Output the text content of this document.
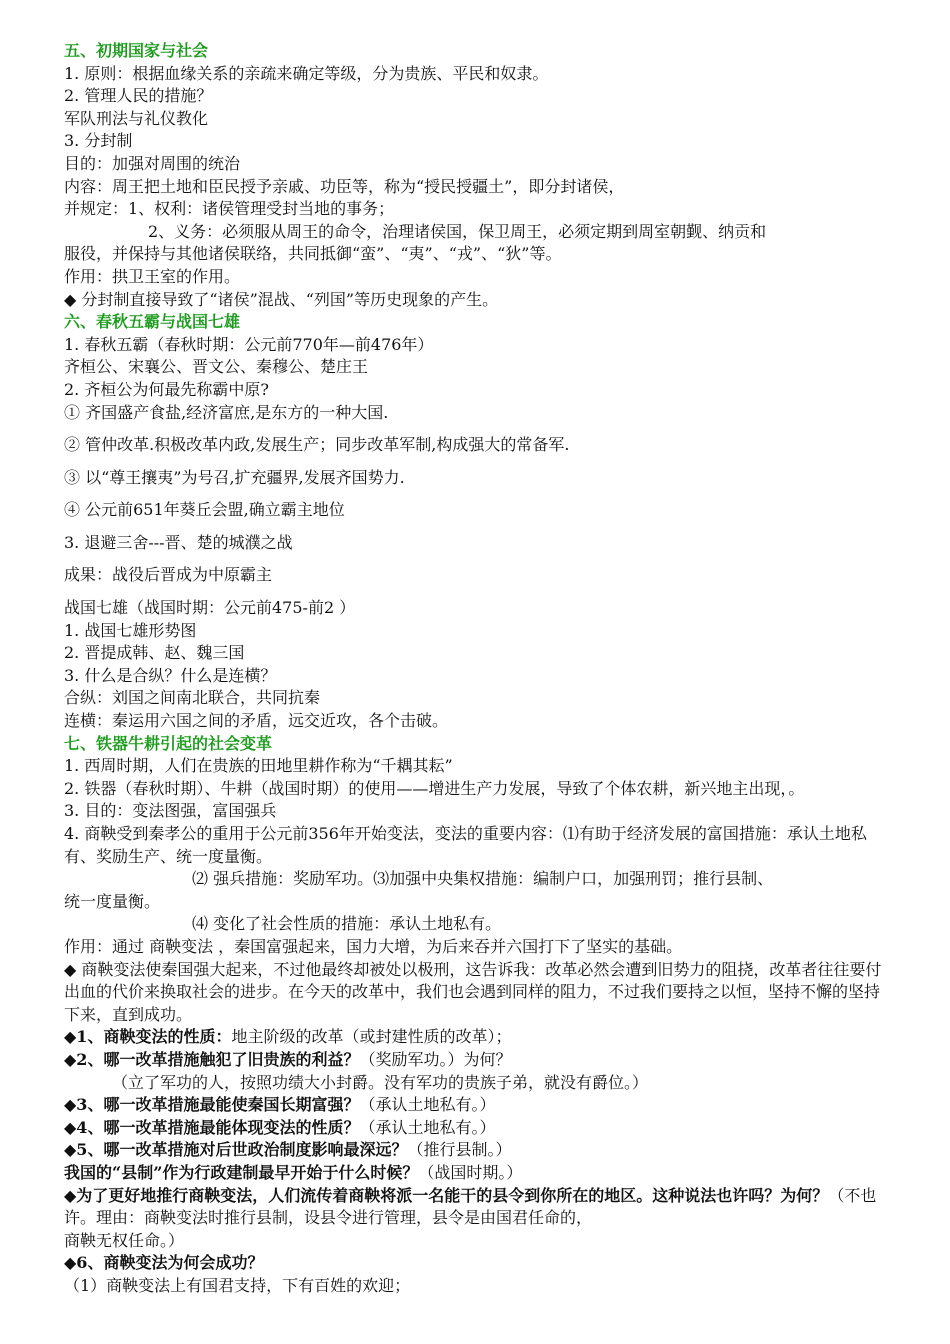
五、初期国家与社会
1. 原则：根据血缘关系的亲疏来确定等级，分为贵族、平民和奴隶。
2. 管理人民的措施？
军队刑法与礼仪教化
3. 分封制
目的：加强对周围的统治
内容：周王把土地和臣民授予亲戚、功臣等，称为“授民授疆土”，即分封诸侯，
并规定：1、权利：诸侯管理受封当地的事务；
2、义务：必须服从周王的命令，治理诸侯国，保卫周王，必须定期到周室朝觐、纳贡和
服役，并保持与其他诸侯联络，共同抵御“蛮”、“夷”、“戎”、“狄”等。
作用：拱卫王室的作用。
◆ 分封制直接导致了“诸侯”混战、“列国”等历史现象的产生。
六、春秋五霸与战国七雄
1. 春秋五霸（春秋时期：公元前770年—前476年）
齐桓公、宋襄公、晋文公、秦穆公、楚庄王
2. 齐桓公为何最先称霸中原?
① 齐国盛产食盐,经济富庶,是东方的一种大国.
② 管仲改革.积极改革内政,发展生产；同步改革军制,构成强大的常备军.
③ 以“尊王攘夷”为号召,扩充疆界,发展齐国势力.
④ 公元前651年葵丘会盟,确立霸主地位
3. 退避三舍---晋、楚的城濮之战
成果：战役后晋成为中原霸主
战国七雄（战国时期：公元前475-前2 ）
1. 战国七雄形势图
2. 晋提成韩、赵、魏三国
3. 什么是合纵？什么是连横？
合纵：刘国之间南北联合，共同抗秦
连横：秦运用六国之间的矛盾，远交近攻，各个击破。
七、铁器牛耕引起的社会变革
1. 西周时期，人们在贵族的田地里耕作称为“千耦其耘”
2. 铁器（春秋时期）、牛耕（战国时期）的使用——增进生产力发展，导致了个体农耕，新兴地主出现，。
3. 目的：变法图强，富国强兵
4. 商鞅受到秦孝公的重用于公元前356年开始变法，变法的重要内容：⑴有助于经济发展的富国措施：承认土地私有、奖励生产、统一度量衡。
⑵ 强兵措施：奖励军功。⑶加强中央集权措施：编制户口，加强刑罚；推行县制、
统一度量衡。
⑷ 变化了社会性质的措施：承认土地私有。
作用：通过 商鞅变法 ，秦国富强起来，国力大增，为后来吞并六国打下了坚实的基础。
◆ 商鞅变法使秦国强大起来，不过他最终却被处以极刑，这告诉我：改革必然会遭到旧势力的阻挠，改革者往往要付出血的代价来换取社会的进步。在今天的改革中，我们也会遇到同样的阻力，不过我们要持之以恒，坚持不懈的坚持下来，直到成功。
◆1、商鞅变法的性质：地主阶级的改革（或封建性质的改革）；
◆2、哪一改革措施触犯了旧贵族的利益？（奖励军功。）为何？
（立了军功的人，按照功绩大小封爵。没有军功的贵族子弟，就没有爵位。）
◆3、哪一改革措施最能使秦国长期富强？（承认土地私有。）
◆4、哪一改革措施最能体现变法的性质？（承认土地私有。）
◆5、哪一改革措施对后世政治制度影响最深远？（推行县制。）
我国的“县制”作为行政建制最早开始于什么时候？（战国时期。）
◆为了更好地推行商鞅变法，人们流传着商鞅将派一名能干的县令到你所在的地区。这种说法也许吗？为何？（不也许。理由：商鞅变法时推行县制，设县令进行管理，县令是由国君任命的，
商鞅无权任命。）
◆6、商鞅变法为何会成功？
（1）商鞅变法上有国君支持，下有百姓的欢迎；
